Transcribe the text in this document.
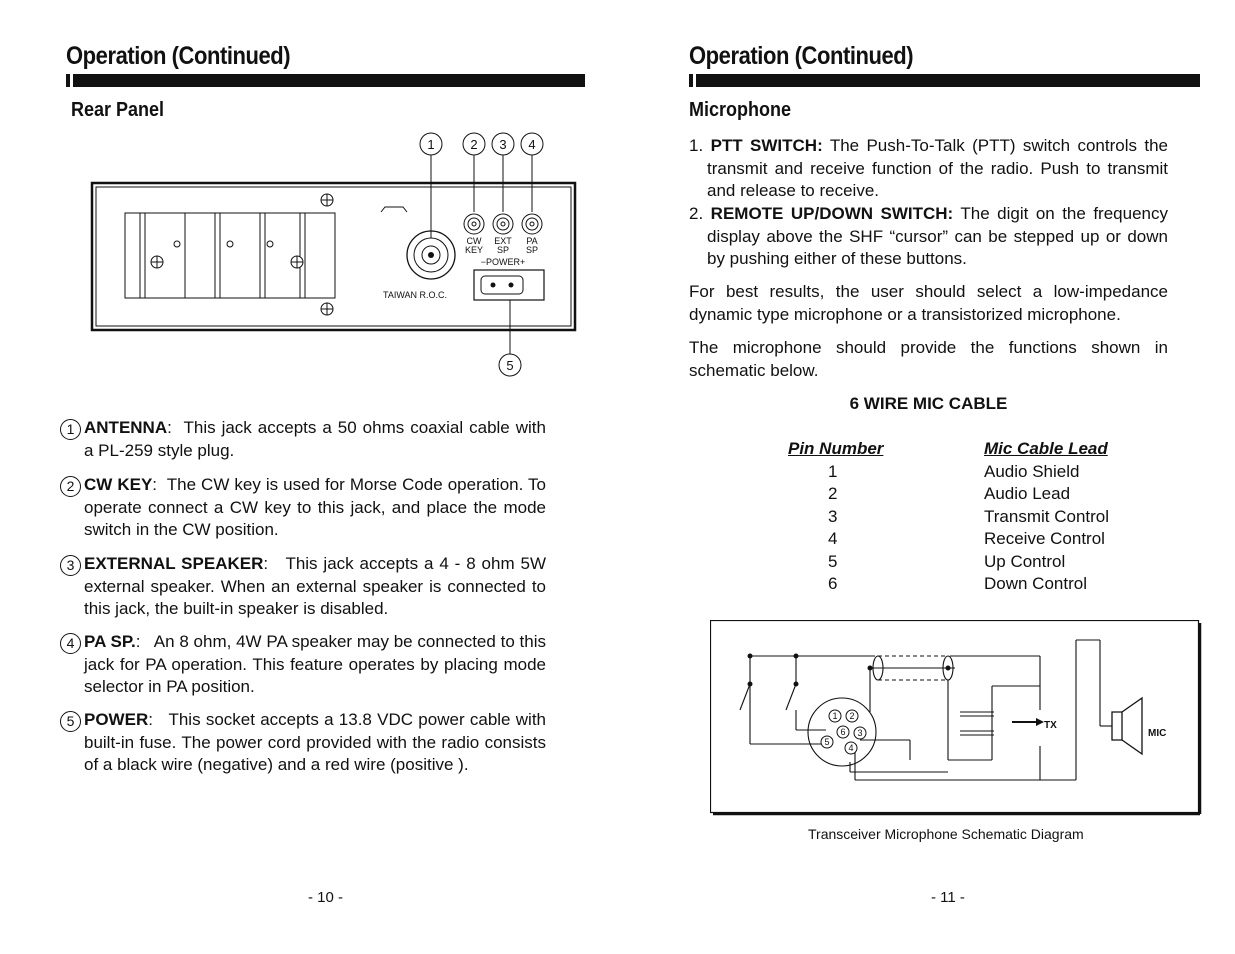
Operation (Continued)
Rear Panel
1	2 3 4
5
CW
KEY
EXT
SP
PA
SP
−POWER+
TAIWAN R.O.C.
1 ANTENNA:  This jack accepts a 50 ohms coaxial cable with a PL-259 style plug.
2 CW KEY:  The CW key is used for Morse Code operation. To operate connect a CW key to this jack, and place the mode switch in the CW position.
3 EXTERNAL SPEAKER:   This jack accepts a 4 - 8 ohm 5W external speaker. When an external speaker is connected to this jack, the built-in speaker is disabled.
4 PA SP.:   An 8 ohm, 4W PA speaker may be connected to this jack for PA operation. This feature operates by placing mode selector in PA position.
5 POWER:   This socket accepts a 13.8 VDC power cable with built-in fuse. The power cord provided with the radio consists of a black wire (negative) and a red wire (positive ).
- 10 -
Operation (Continued)
Microphone
1. PTT SWITCH: The Push-To-Talk (PTT) switch controls the transmit and receive function of the radio. Push to transmit and release to receive.
2. REMOTE UP/DOWN SWITCH: The digit on the frequency display above the SHF “cursor” can be stepped up or down by pushing either of these buttons.
For best results, the user should select a low-impedance dynamic type microphone or a transistorized microphone.
The microphone should provide the functions shown in schematic below.
6 WIRE MIC CABLE
Pin Number	Mic Cable Lead
1	Audio Shield
2	Audio Lead
3	Transmit Control
4	Receive Control
5	Up Control
6	Down Control
TX
MIC
1 2
5
6 3
4
Transceiver Microphone Schematic Diagram
- 11 -
